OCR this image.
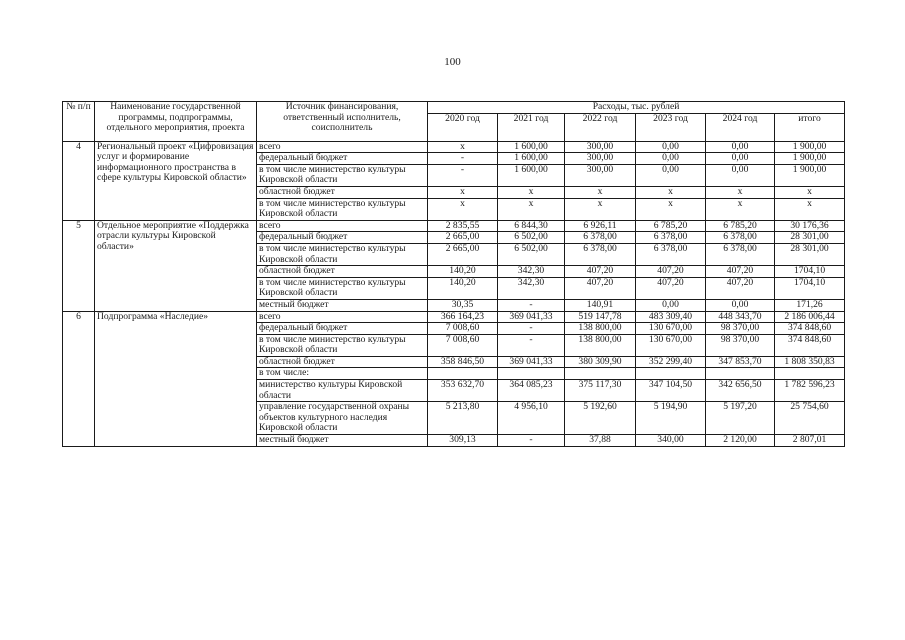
100
№ п/п	Наименование государственной программы, подпрограммы, отдельного мероприятия, проекта	Источник финансирования, ответственный исполнитель, соисполнитель	Расходы, тыс. рублей					
			2020 год	2021 год	2022 год	2023 год	2024 год	итого
4	Региональный проект «Цифровизация услуг и формирование информационного пространства в сфере культуры Кировской области»	всего	x	1 600,00	300,00	0,00	0,00	1 900,00
		федеральный бюджет	-	1 600,00	300,00	0,00	0,00	1 900,00
		в том числе министерство культуры Кировской области	-	1 600,00	300,00	0,00	0,00	1 900,00
		областной бюджет	x	x	x	x	x	x
		в том числе министерство культуры Кировской области	x	x	x	x	x	x
5	Отдельное мероприятие «Поддержка отрасли культуры Кировской области»	всего	2 835,55	6 844,30	6 926,11	6 785,20	6 785,20	30 176,36
		федеральный бюджет	2 665,00	6 502,00	6 378,00	6 378,00	6 378,00	28 301,00
		в том числе министерство культуры Кировской области	2 665,00	6 502,00	6 378,00	6 378,00	6 378,00	28 301,00
		областной бюджет	140,20	342,30	407,20	407,20	407,20	1704,10
		в том числе министерство культуры Кировской области	140,20	342,30	407,20	407,20	407,20	1704,10
		местный бюджет	30,35	-	140,91	0,00	0,00	171,26
6	Подпрограмма «Наследие»	всего	366 164,23	369 041,33	519 147,78	483 309,40	448 343,70	2 186 006,44
		федеральный бюджет	7 008,60	-	138 800,00	130 670,00	98 370,00	374 848,60
		в том числе министерство культуры Кировской области	7 008,60	-	138 800,00	130 670,00	98 370,00	374 848,60
		областной бюджет	358 846,50	369 041,33	380 309,90	352 299,40	347 853,70	1 808 350,83
		в том числе:						
		министерство культуры Кировской области	353 632,70	364 085,23	375 117,30	347 104,50	342 656,50	1 782 596,23
		управление государственной охраны объектов культурного наследия Кировской области	5 213,80	4 956,10	5 192,60	5 194,90	5 197,20	25 754,60
		местный бюджет	309,13	-	37,88	340,00	2 120,00	2 807,01
